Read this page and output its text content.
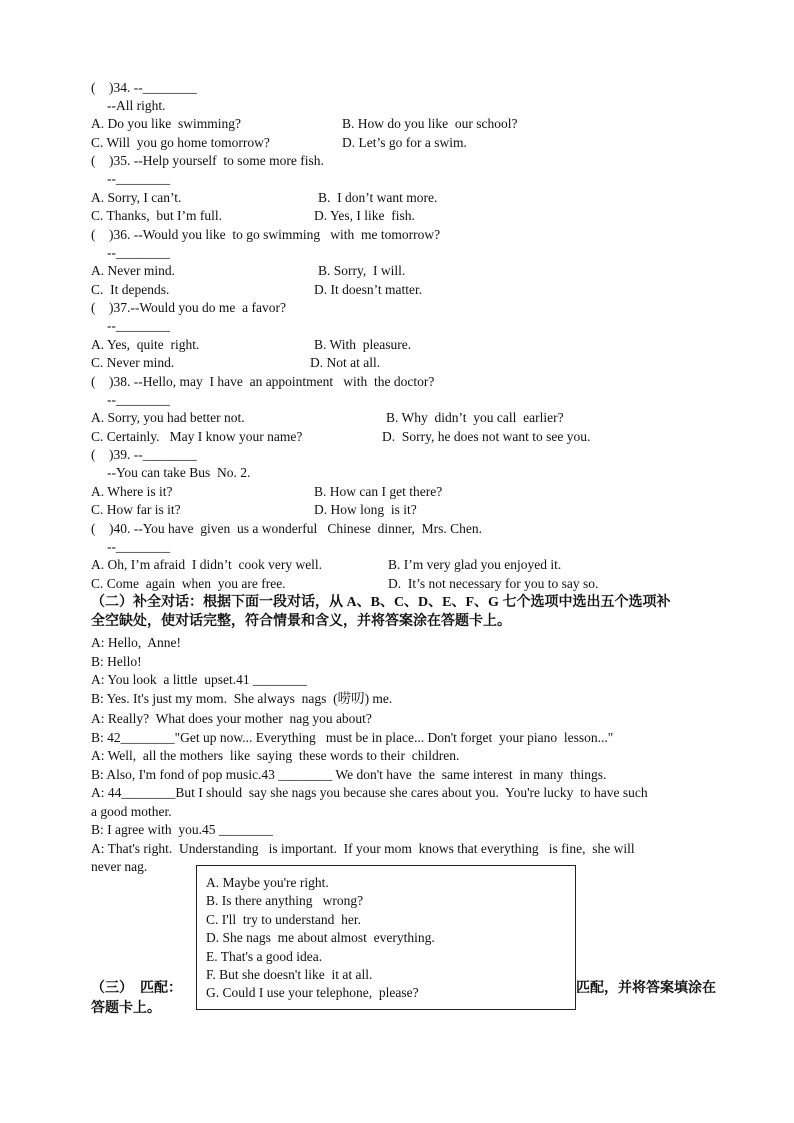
(    )34. --________
--All right.
A. Do you like  swimming?	B. How do you like  our school?
C. Will  you go home tomorrow?	D. Let’s go for a swim.
(    )35. --Help yourself  to some more fish.
--________
A. Sorry, I can’t.	B.  I don’t want more.
C. Thanks,  but I’m full.	D. Yes, I like  fish.
(    )36. --Would you like  to go swimming   with  me tomorrow?
--________
A. Never mind.	B. Sorry,  I will.
C.  It depends.	D. It doesn’t matter.
(    )37.--Would you do me  a favor?
--________
A. Yes,  quite  right.	B. With  pleasure.
C. Never mind.	D. Not at all.
(    )38. --Hello, may  I have  an appointment   with  the doctor?
--________
A. Sorry, you had better not.	B. Why  didn’t  you call  earlier?
C. Certainly.   May I know your name?	D.  Sorry, he does not want to see you.
(    )39. --________
--You can take Bus  No. 2.
A. Where is it?	B. How can I get there?
C. How far is it?	D. How long  is it?
(    )40. --You have  given  us a wonderful   Chinese  dinner,  Mrs. Chen.
--________
A. Oh, I’m afraid  I didn’t  cook very well.	B. I’m very glad you enjoyed it.
C. Come  again  when  you are free.	D.  It’s not necessary for you to say so.
（二）补全对话：根据下面一段对话，从 A、B、C、D、E、F、G 七个选项中选出五个选项补
全空缺处，使对话完整，符合情景和含义，并将答案涂在答题卡上。
A: Hello,  Anne!
B: Hello!
A: You look  a little  upset.41 ________
B: Yes. It's just my mom.  She always  nags  (唠叨) me.
A: Really?  What does your mother  nag you about?
B: 42________"Get up now... Everything   must be in place... Don't forget  your piano  lesson..."
A: Well,  all the mothers  like  saying  these words to their  children.
B: Also, I'm fond of pop music.43 ________ We don't have  the  same interest  in many  things.
A: 44________But I should  say she nags you because she cares about you.  You're lucky  to have such
a good mother.
B: I agree with  you.45 ________
A: That's right.  Understanding   is important.  If your mom  knows that everything   is fine,  she will
never nag.
（三）  匹配：	匹配，并将答案填涂在
答题卡上。
A. Maybe you're right.
B. Is there anything   wrong?
C. I'll  try to understand  her.
D. She nags  me about almost  everything.
E. That's a good idea.
F. But she doesn't like  it at all.
G. Could I use your telephone,  please?
